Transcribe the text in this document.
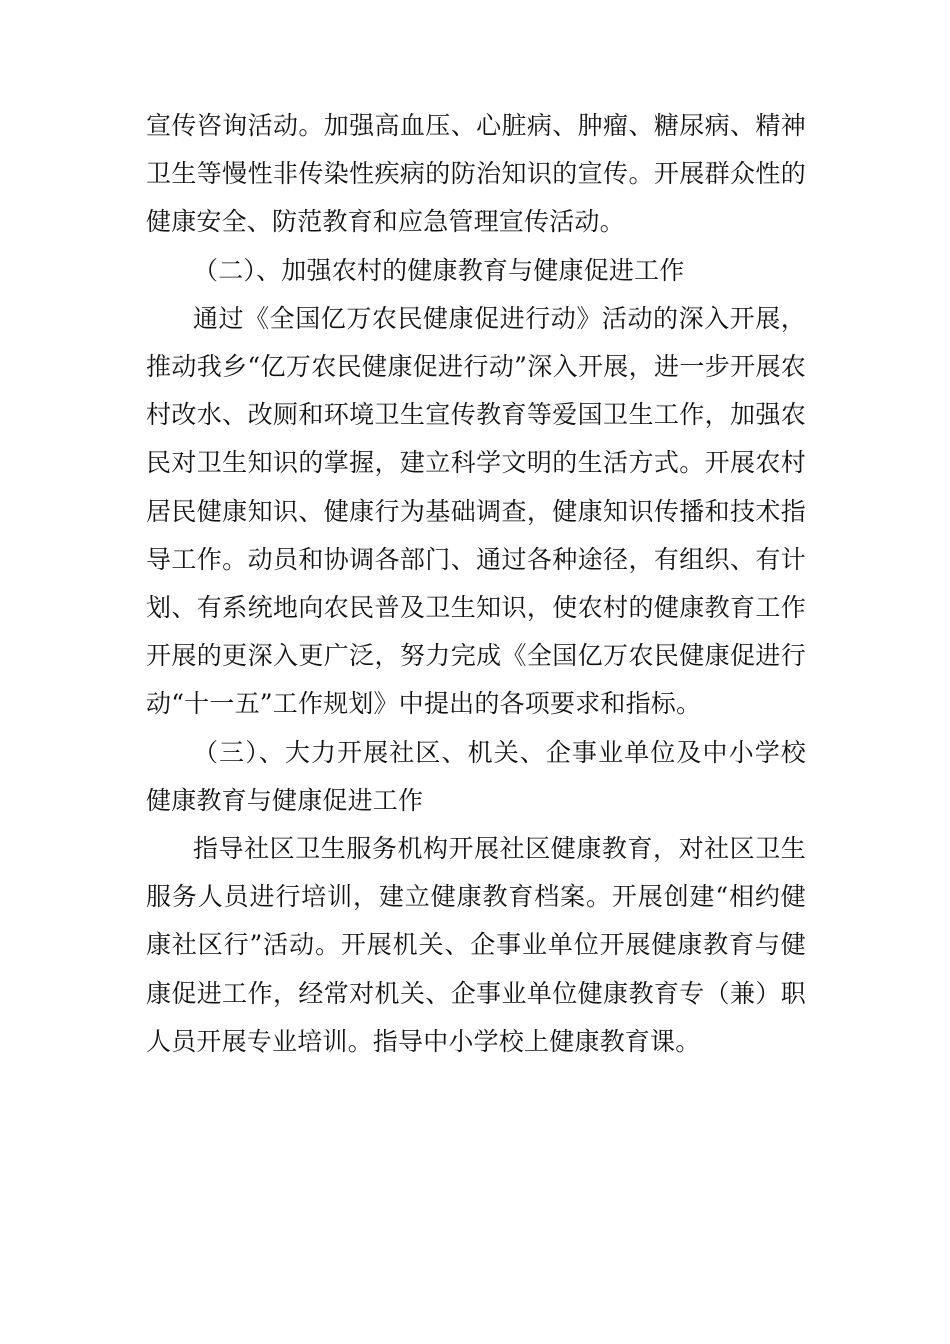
宣传咨询活动。加强高血压、心脏病、肿瘤、糖尿病、精神卫生等慢性非传染性疾病的防治知识的宣传。开展群众性的健康安全、防范教育和应急管理宣传活动。

（二）、加强农村的健康教育与健康促进工作

通过《全国亿万农民健康促进行动》活动的深入开展，推动我乡“亿万农民健康促进行动”深入开展，进一步开展农村改水、改厕和环境卫生宣传教育等爱国卫生工作，加强农民对卫生知识的掌握，建立科学文明的生活方式。开展农村居民健康知识、健康行为基础调查，健康知识传播和技术指导工作。动员和协调各部门、通过各种途径，有组织、有计划、有系统地向农民普及卫生知识，使农村的健康教育工作开展的更深入更广泛，努力完成《全国亿万农民健康促进行动“十一五”工作规划》中提出的各项要求和指标。

（三）、大力开展社区、机关、企事业单位及中小学校健康教育与健康促进工作

指导社区卫生服务机构开展社区健康教育，对社区卫生服务人员进行培训，建立健康教育档案。开展创建“相约健康社区行”活动。开展机关、企事业单位开展健康教育与健康促进工作，经常对机关、企事业单位健康教育专（兼）职人员开展专业培训。指导中小学校上健康教育课。
